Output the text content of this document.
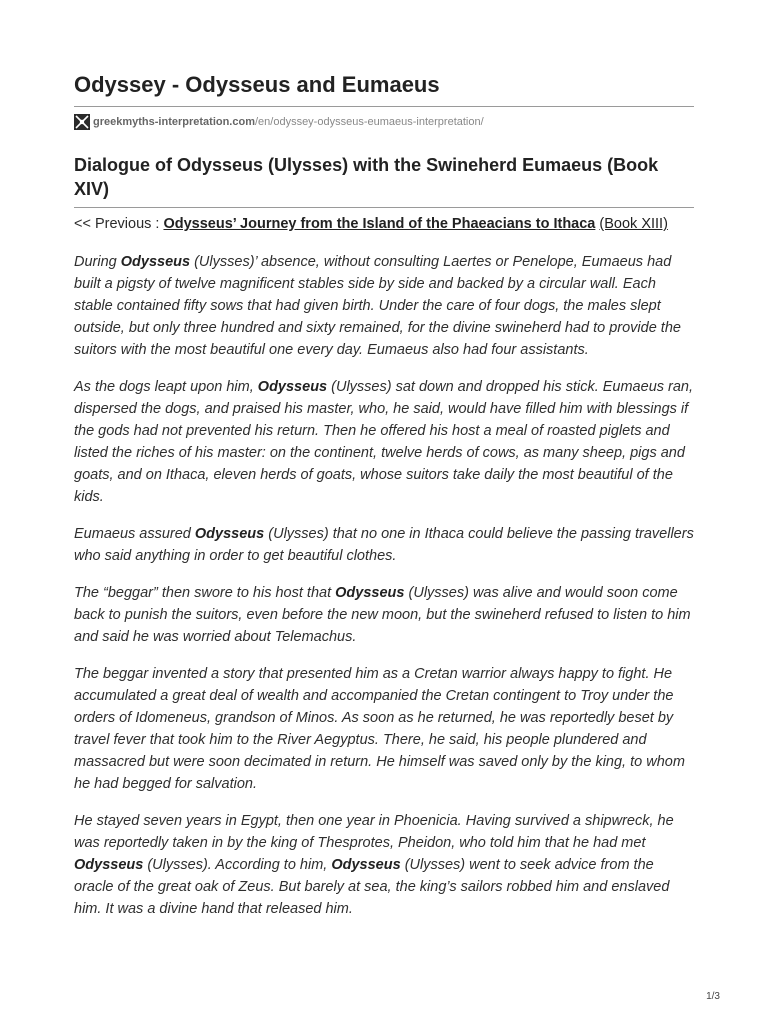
Odyssey - Odysseus and Eumaeus
greekmyths-interpretation.com /en/odyssey-odysseus-eumaeus-interpretation/
Dialogue of Odysseus (Ulysses) with the Swineherd Eumaeus (Book XIV)
<< Previous : Odysseus’ Journey from the Island of the Phaeacians to Ithaca (Book XIII)

During Odysseus (Ulysses)’ absence, without consulting Laertes or Penelope, Eumaeus had built a pigsty of twelve magnificent stables side by side and backed by a circular wall. Each stable contained fifty sows that had given birth. Under the care of four dogs, the males slept outside, but only three hundred and sixty remained, for the divine swineherd had to provide the suitors with the most beautiful one every day. Eumaeus also had four assistants.

As the dogs leapt upon him, Odysseus (Ulysses) sat down and dropped his stick. Eumaeus ran, dispersed the dogs, and praised his master, who, he said, would have filled him with blessings if the gods had not prevented his return. Then he offered his host a meal of roasted piglets and listed the riches of his master: on the continent, twelve herds of cows, as many sheep, pigs and goats, and on Ithaca, eleven herds of goats, whose suitors take daily the most beautiful of the kids.

Eumaeus assured Odysseus (Ulysses) that no one in Ithaca could believe the passing travellers who said anything in order to get beautiful clothes.

The “beggar” then swore to his host that Odysseus (Ulysses) was alive and would soon come back to punish the suitors, even before the new moon, but the swineherd refused to listen to him and said he was worried about Telemachus.

The beggar invented a story that presented him as a Cretan warrior always happy to fight. He accumulated a great deal of wealth and accompanied the Cretan contingent to Troy under the orders of Idomeneus, grandson of Minos. As soon as he returned, he was reportedly beset by travel fever that took him to the River Aegyptus. There, he said, his people plundered and massacred but were soon decimated in return. He himself was saved only by the king, to whom he had begged for salvation.

He stayed seven years in Egypt, then one year in Phoenicia. Having survived a shipwreck, he was reportedly taken in by the king of Thesprotes, Pheidon, who told him that he had met Odysseus (Ulysses). According to him, Odysseus (Ulysses) went to seek advice from the oracle of the great oak of Zeus. But barely at sea, the king’s sailors robbed him and enslaved him. It was a divine hand that released him.

1/3
